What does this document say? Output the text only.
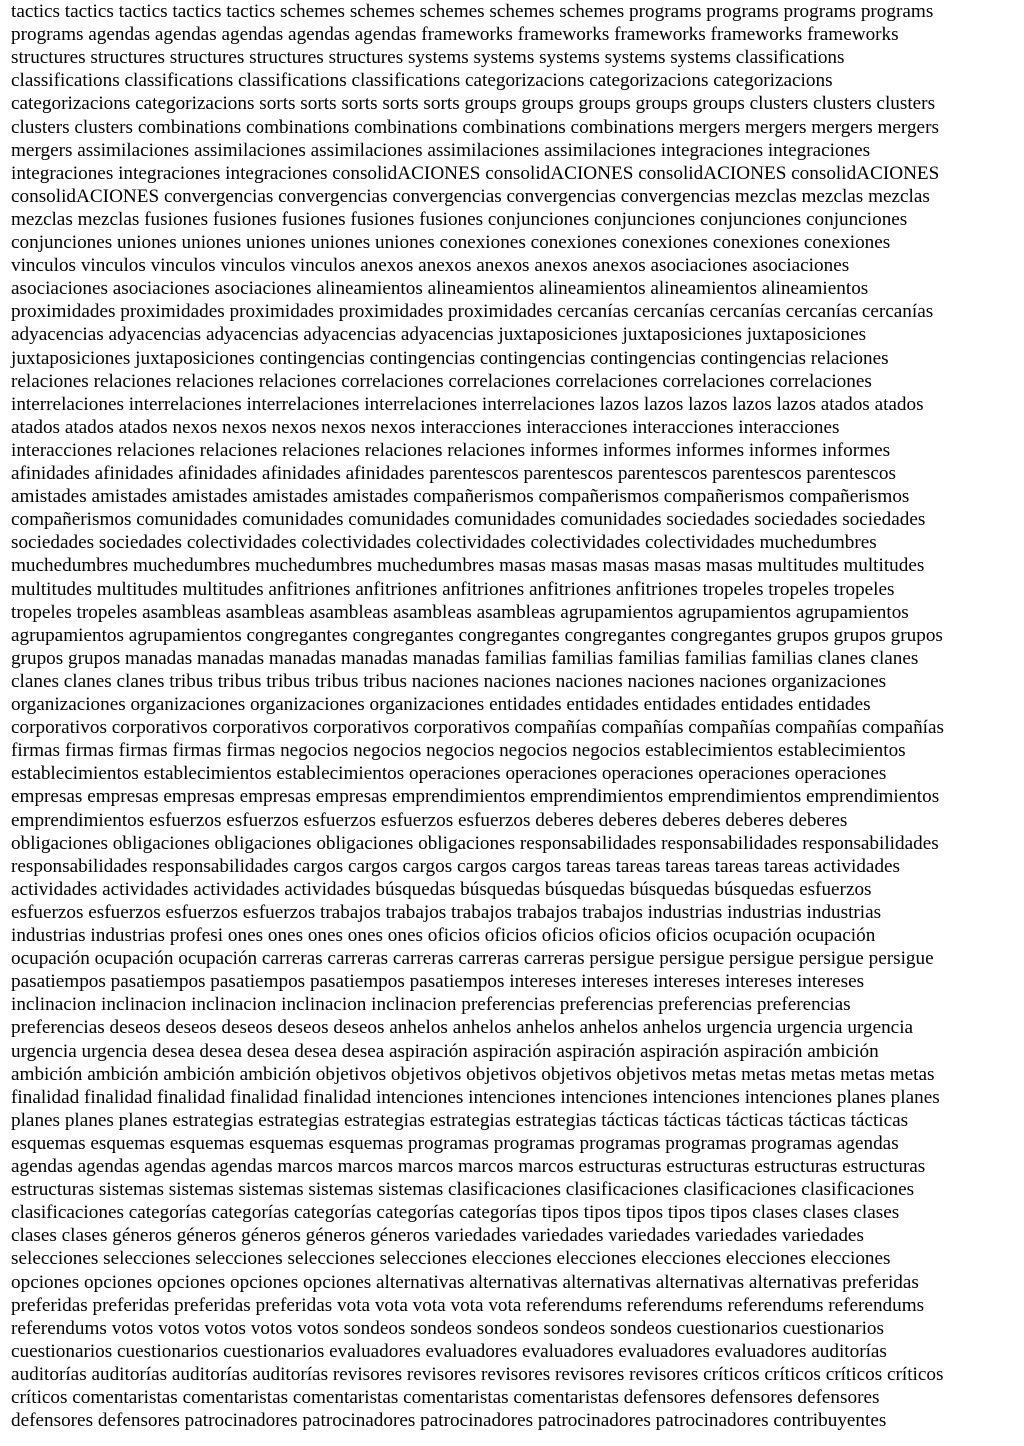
tactics tactics tactics tactics tactics schemes schemes schemes schemes schemes programs programs programs programs
programs agendas agendas agendas agendas agendas frameworks frameworks frameworks frameworks frameworks
structures structures structures structures structures systems systems systems systems systems classifications
classifications classifications classifications classifications categorizacions categorizacions categorizacions
categorizacions categorizacions sorts sorts sorts sorts sorts groups groups groups groups groups clusters clusters clusters
clusters clusters combinations combinations combinations combinations combinations mergers mergers mergers mergers
mergers assimilaciones assimilaciones assimilaciones assimilaciones assimilaciones integraciones integraciones
integraciones integraciones integraciones consolidACIONES consolidACIONES consolidACIONES consolidACIONES
consolidACIONES convergencias convergencias convergencias convergencias convergencias mezclas mezclas mezclas
mezclas mezclas fusiones fusiones fusiones fusiones fusiones conjunciones conjunciones conjunciones conjunciones
conjunciones uniones uniones uniones uniones uniones conexiones conexiones conexiones conexiones conexiones
vinculos vinculos vinculos vinculos vinculos anexos anexos anexos anexos anexos asociaciones asociaciones
asociaciones asociaciones asociaciones alineamientos alineamientos alineamientos alineamientos alineamientos
proximidades proximidades proximidades proximidades proximidades cercanías cercanías cercanías cercanías cercanías
adyacencias adyacencias adyacencias adyacencias adyacencias juxtaposiciones juxtaposiciones juxtaposiciones
juxtaposiciones juxtaposiciones contingencias contingencias contingencias contingencias contingencias relaciones
relaciones relaciones relaciones relaciones correlaciones correlaciones correlaciones correlaciones correlaciones
interrelaciones interrelaciones interrelaciones interrelaciones interrelaciones lazos lazos lazos lazos lazos atados atados
atados atados atados nexos nexos nexos nexos nexos interacciones interacciones interacciones interacciones
interacciones relaciones relaciones relaciones relaciones relaciones informes informes informes informes informes
afinidades afinidades afinidades afinidades afinidades parentescos parentescos parentescos parentescos parentescos
amistades amistades amistades amistades amistades compañerismos compañerismos compañerismos compañerismos
compañerismos comunidades comunidades comunidades comunidades comunidades sociedades sociedades sociedades
sociedades sociedades colectividades colectividades colectividades colectividades colectividades muchedumbres
muchedumbres muchedumbres muchedumbres muchedumbres masas masas masas masas masas multitudes multitudes
multitudes multitudes multitudes anfitriones anfitriones anfitriones anfitriones anfitriones tropeles tropeles tropeles
tropeles tropeles asambleas asambleas asambleas asambleas asambleas agrupamientos agrupamientos agrupamientos
agrupamientos agrupamientos congregantes congregantes congregantes congregantes congregantes grupos grupos grupos
grupos grupos manadas manadas manadas manadas manadas familias familias familias familias familias clanes clanes
clanes clanes clanes tribus tribus tribus tribus tribus naciones naciones naciones naciones naciones organizaciones
organizaciones organizaciones organizaciones organizaciones entidades entidades entidades entidades entidades
corporativos corporativos corporativos corporativos corporativos compañías compañías compañías compañías compañías
firmas firmas firmas firmas firmas negocios negocios negocios negocios negocios establecimientos establecimientos
establecimientos establecimientos establecimientos operaciones operaciones operaciones operaciones operaciones
empresas empresas empresas empresas empresas emprendimientos emprendimientos emprendimientos emprendimientos
emprendimientos esfuerzos esfuerzos esfuerzos esfuerzos esfuerzos deberes deberes deberes deberes deberes
obligaciones obligaciones obligaciones obligaciones obligaciones responsabilidades responsabilidades responsabilidades
responsabilidades responsabilidades cargos cargos cargos cargos cargos tareas tareas tareas tareas tareas actividades
actividades actividades actividades actividades búsquedas búsquedas búsquedas búsquedas búsquedas esfuerzos
esfuerzos esfuerzos esfuerzos esfuerzos trabajos trabajos trabajos trabajos trabajos industrias industrias industrias
industrias industrias profesi ones ones ones ones ones oficios oficios oficios oficios oficios ocupación ocupación
ocupación ocupación ocupación carreras carreras carreras carreras carreras persigue persigue persigue persigue persigue
pasatiempos pasatiempos pasatiempos pasatiempos pasatiempos intereses intereses intereses intereses intereses
inclinacion inclinacion inclinacion inclinacion inclinacion preferencias preferencias preferencias preferencias
preferencias deseos deseos deseos deseos deseos anhelos anhelos anhelos anhelos anhelos urgencia urgencia urgencia
urgencia urgencia desea desea desea desea desea aspiración aspiración aspiración aspiración aspiración ambición
ambición ambición ambición ambición objetivos objetivos objetivos objetivos objetivos metas metas metas metas metas
finalidad finalidad finalidad finalidad finalidad intenciones intenciones intenciones intenciones intenciones planes planes
planes planes planes estrategias estrategias estrategias estrategias estrategias tácticas tácticas tácticas tácticas tácticas
esquemas esquemas esquemas esquemas esquemas programas programas programas programas programas agendas
agendas agendas agendas agendas marcos marcos marcos marcos marcos estructuras estructuras estructuras estructuras
estructuras sistemas sistemas sistemas sistemas sistemas clasificaciones clasificaciones clasificaciones clasificaciones
clasificaciones categorías categorías categorías categorías categorías tipos tipos tipos tipos tipos clases clases clases
clases clases géneros géneros géneros géneros géneros variedades variedades variedades variedades variedades
selecciones selecciones selecciones selecciones selecciones elecciones elecciones elecciones elecciones elecciones
opciones opciones opciones opciones opciones alternativas alternativas alternativas alternativas alternativas preferidas
preferidas preferidas preferidas preferidas vota vota vota vota vota referendums referendums referendums referendums
referendums votos votos votos votos votos sondeos sondeos sondeos sondeos sondeos cuestionarios cuestionarios
cuestionarios cuestionarios cuestionarios evaluadores evaluadores evaluadores evaluadores evaluadores auditorías
auditorías auditorías auditorías auditorías revisores revisores revisores revisores revisores críticos críticos críticos críticos
críticos comentaristas comentaristas comentaristas comentaristas comentaristas defensores defensores defensores
defensores defensores patrocinadores patrocinadores patrocinadores patrocinadores patrocinadores contribuyentes
